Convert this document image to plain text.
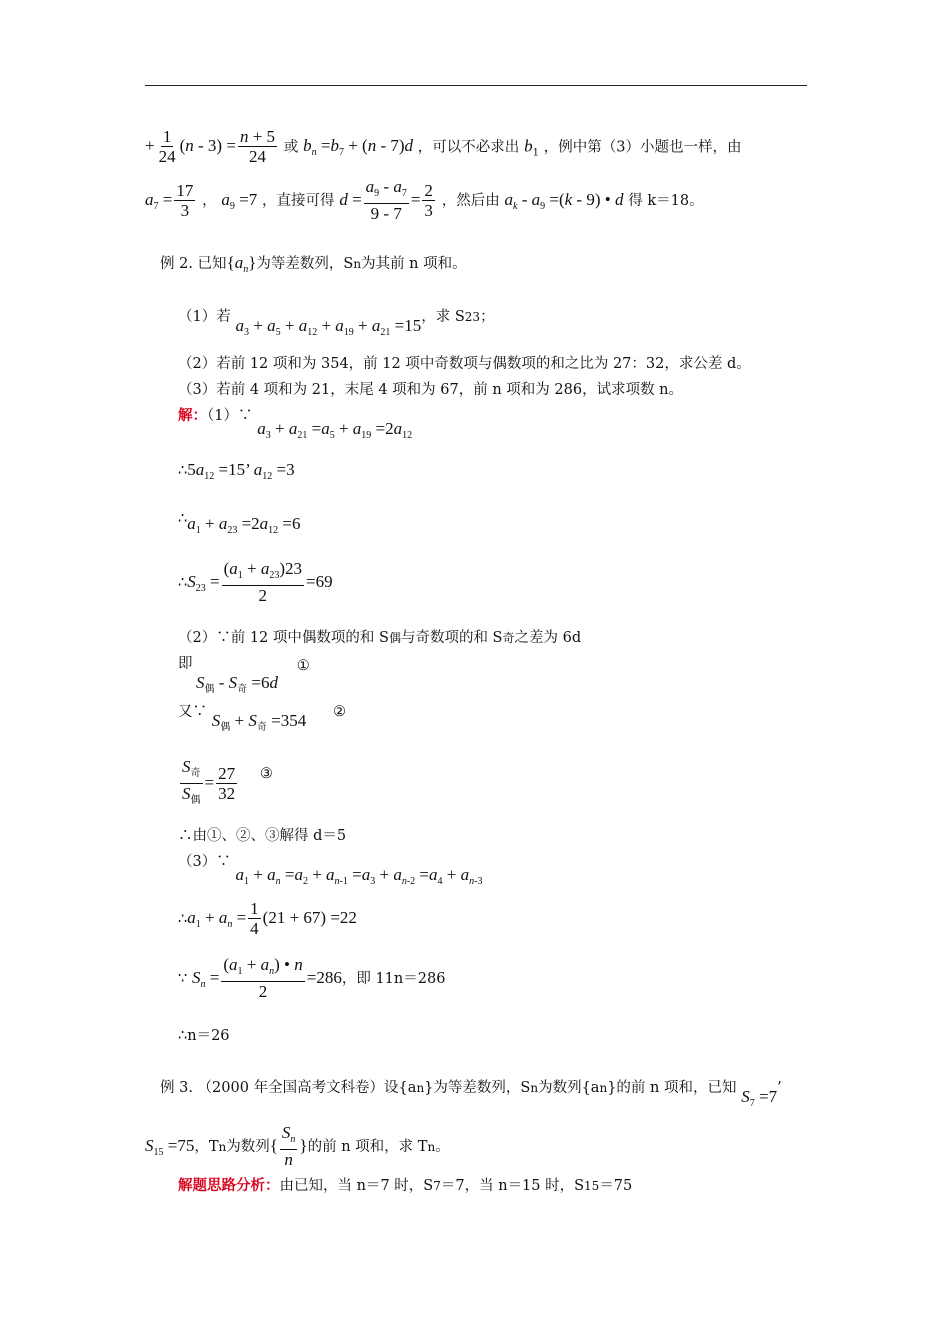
+ $\frac{1}{24} (n - 3) = \frac{n + 5}{24}$ 或 $b_n =b_7 + (n - 7)d$ ，可以不必求出 $b_1$ ，例中第（3）小题也一样，由
$a_7 = \frac{17}{3}$ ， $a_9 =7$ ，直接可得 $d = \frac{a_9 - a_7}{9 - 7} = \frac{2}{3}$ ，然后由 $a_k - a_9 =(k - 9)$ • d 得 k＝18。
例 2. 已知$\{a_n\}$为等差数列，Sn为其前 n 项和。
（1）若 $a_3 + a_5 + a_{12} + a_{19} + a_{21} =15$，求 S23；
（2）若前 12 项和为 354，前 12 项中奇数项与偶数项的和之比为 27：32，求公差 d。
（3）若前 4 项和为 21，末尾 4 项和为 67，前 n 项和为 286，试求项数 n。
解：（1）∵ $a_3 + a_{21} =a_5 + a_{19} =2a_{12}$
$\therefore 5a_{12} =15$’ $a_{12} =3$
$\therefore a_1 + a_{23} =2a_{12} =6$
$\therefore S_{23} = \frac{(a_1 + a_{23})23}{2} =69$
（2）∵前 12 项中偶数项的和 S偶与奇数项的和 S奇之差为 6d
即
$S_偶 - S_奇 =6d$ ①
又∵ $S_偶 + S_奇 =354$ ②
$\frac{S_奇}{S_偶} = \frac{27}{32}$ ③
∴由①、②、③解得 d＝5
（3）∵ $a_1 + a_n =a_2 + a_{n-1} =a_3 + a_{n-2} =a_4 + a_{n-3}$
$\therefore a_1 + a_n = \frac{1}{4} (21 + 67) =22$
∵ $S_n = \frac{(a_1 + a_n) • n}{2} =286$，即 11n＝286
∴n＝26
例 3. （2000 年全国高考文科卷）设{an}为等差数列，Sn为数列{an}的前 n 项和，已知 $S_7 =7$’
$S_{15} =75$，Tn为数列{ $\frac{S_n}{n}$ }的前 n 项和，求 Tn。
解题思路分析：由已知，当 n＝7 时，S7＝7，当 n＝15 时，S15＝75
